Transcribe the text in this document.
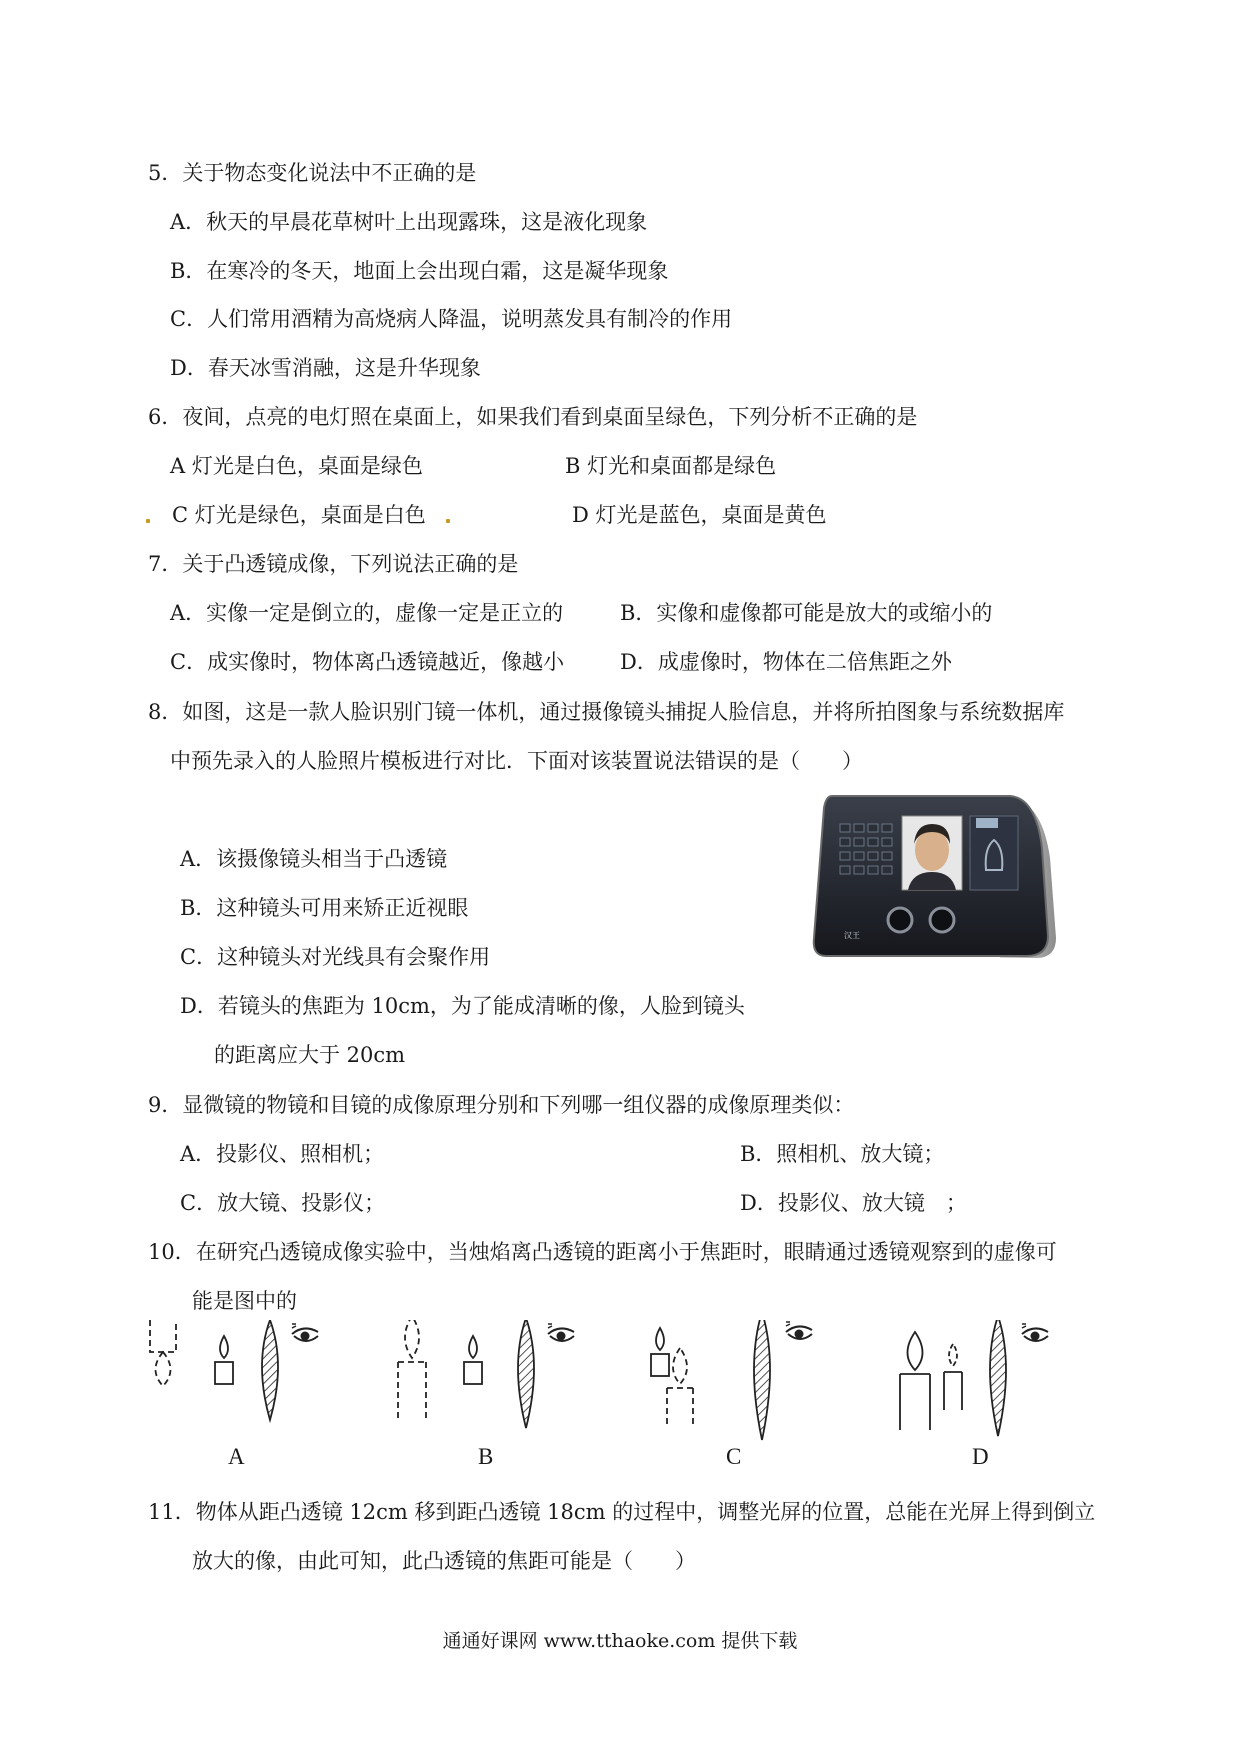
5．关于物态变化说法中不正确的是
A．秋天的早晨花草树叶上出现露珠，这是液化现象
B．在寒冷的冬天，地面上会出现白霜，这是凝华现象
C．人们常用酒精为高烧病人降温，说明蒸发具有制冷的作用
D．春天冰雪消融，这是升华现象
6．夜间，点亮的电灯照在桌面上，如果我们看到桌面呈绿色，下列分析不正确的是
A 灯光是白色，桌面是绿色	B 灯光和桌面都是绿色
C 灯光是绿色，桌面是白色	D 灯光是蓝色，桌面是黄色
7．关于凸透镜成像，下列说法正确的是
A．实像一定是倒立的，虚像一定是正立的	B．实像和虚像都可能是放大的或缩小的
C．成实像时，物体离凸透镜越近，像越小	D．成虚像时，物体在二倍焦距之外
8．如图，这是一款人脸识别门镜一体机，通过摄像镜头捕捉人脸信息，并将所拍图象与系统数据库
中预先录入的人脸照片模板进行对比．下面对该装置说法错误的是（　　）
A．该摄像镜头相当于凸透镜
B．这种镜头可用来矫正近视眼
C．这种镜头对光线具有会聚作用
D．若镜头的焦距为 10cm，为了能成清晰的像，人脸到镜头
的距离应大于 20cm
汉王
9．显微镜的物镜和目镜的成像原理分别和下列哪一组仪器的成像原理类似：
A．投影仪、照相机；	B．照相机、放大镜；
C．放大镜、投影仪；	D．投影仪、放大镜　；
10．在研究凸透镜成像实验中，当烛焰离凸透镜的距离小于焦距时，眼睛通过透镜观察到的虚像可
能是图中的
A	B	C	D
11．物体从距凸透镜 12cm 移到距凸透镜 18cm 的过程中，调整光屏的位置，总能在光屏上得到倒立
放大的像，由此可知，此凸透镜的焦距可能是（　　）
通通好课网 www.tthaoke.com 提供下载
